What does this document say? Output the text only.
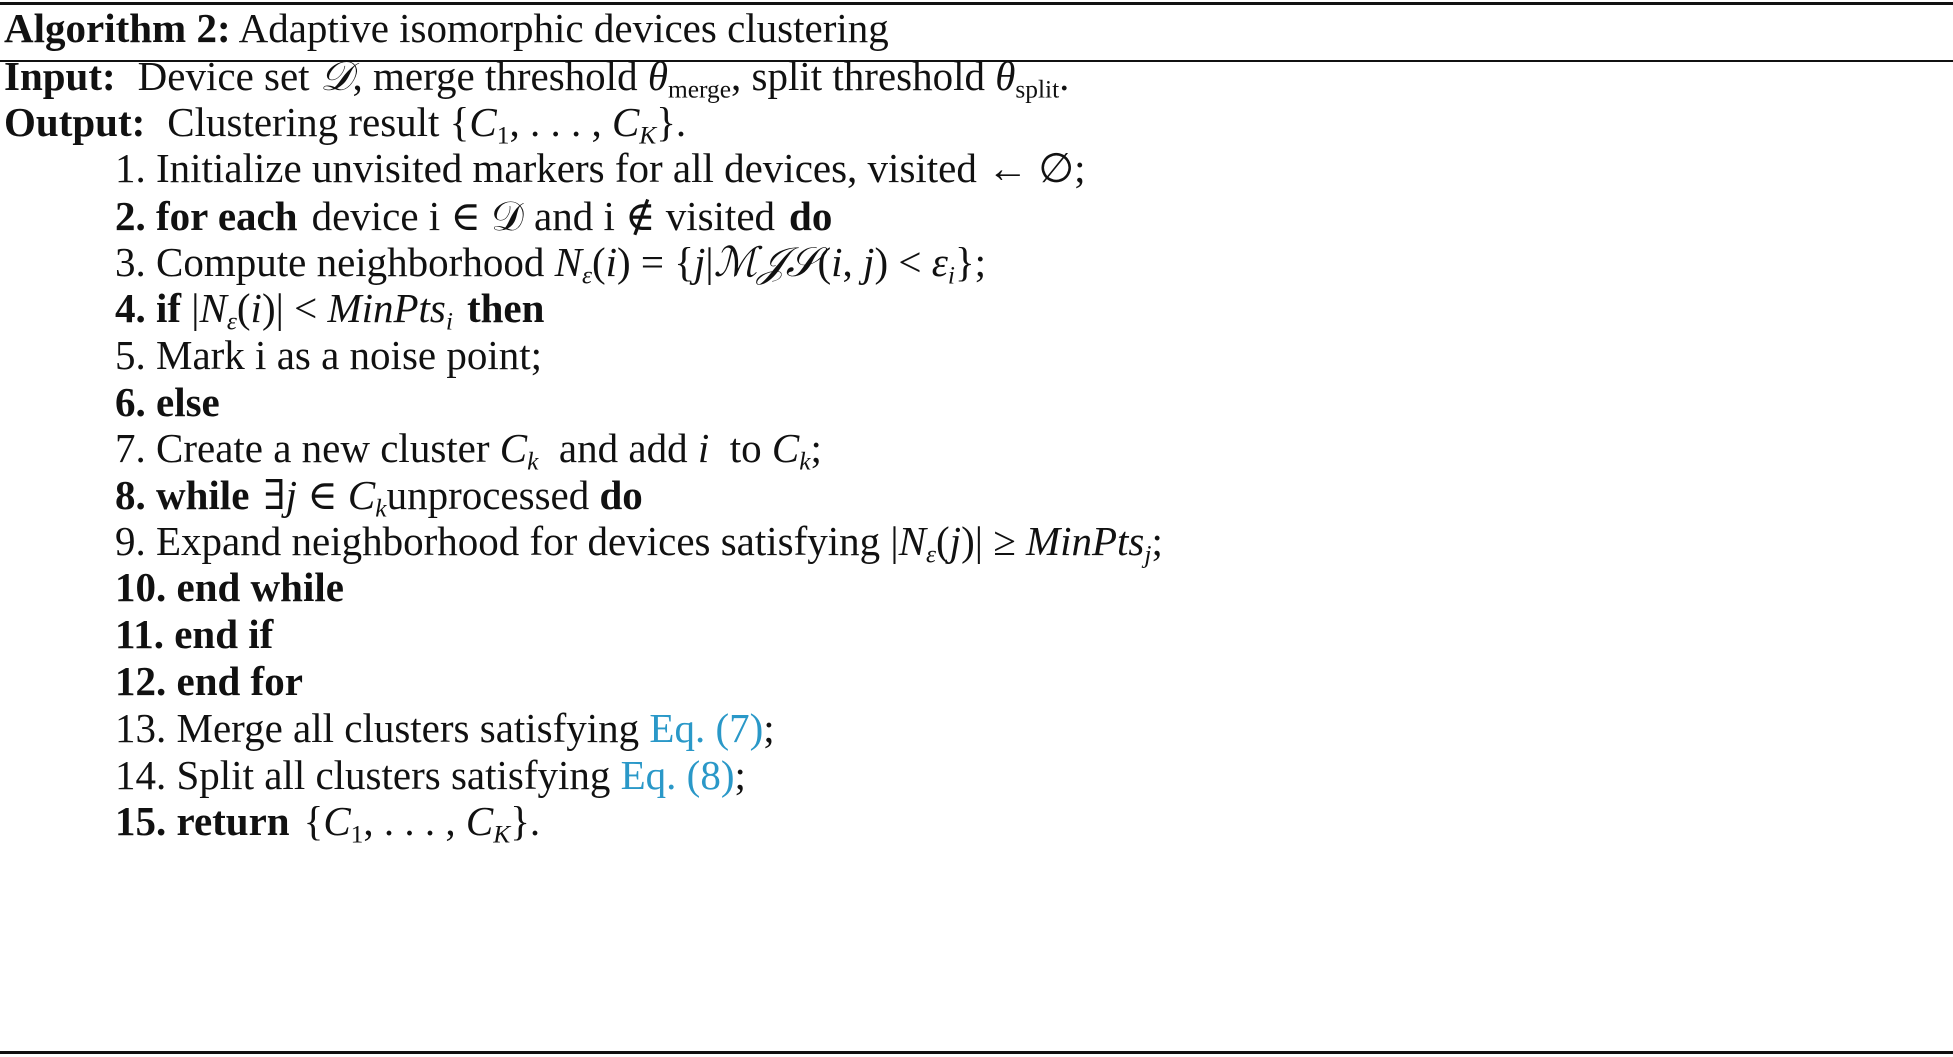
Algorithm 2: Adaptive isomorphic devices clustering
Input: Device set 𝒟, merge threshold $\theta_{merge}$, split threshold $\theta_{split}$.
Output: Clustering result {$C_1$, . . . , $C_K$}.
1. Initialize unvisited markers for all devices, visited ← ∅;
2. for each device i ∈ 𝒟 and i ∉ visited do
3. Compute neighborhood $N_\varepsilon(i)$ = {j|ℳ𝒥𝒮(i, $j) < \varepsilon_i$};
4. if $|N_\varepsilon(i)|$ < MinPts$_i$ then
5. Mark i as a noise point;
6. else
7. Create a new cluster $C_k$  and add i  to $C_k$;
8. while ∃j ∈ $C_kunprocessed$ do
9. Expand neighborhood for devices satisfying $|N_\varepsilon(j)|$ ≥ MinPts$_j$;
10. end while
11. end if
12. end for
13. Merge all clusters satisfying Eq. (7);
14. Split all clusters satisfying Eq. (8);
15. return {$C_1$, . . . , $C_K$}.
